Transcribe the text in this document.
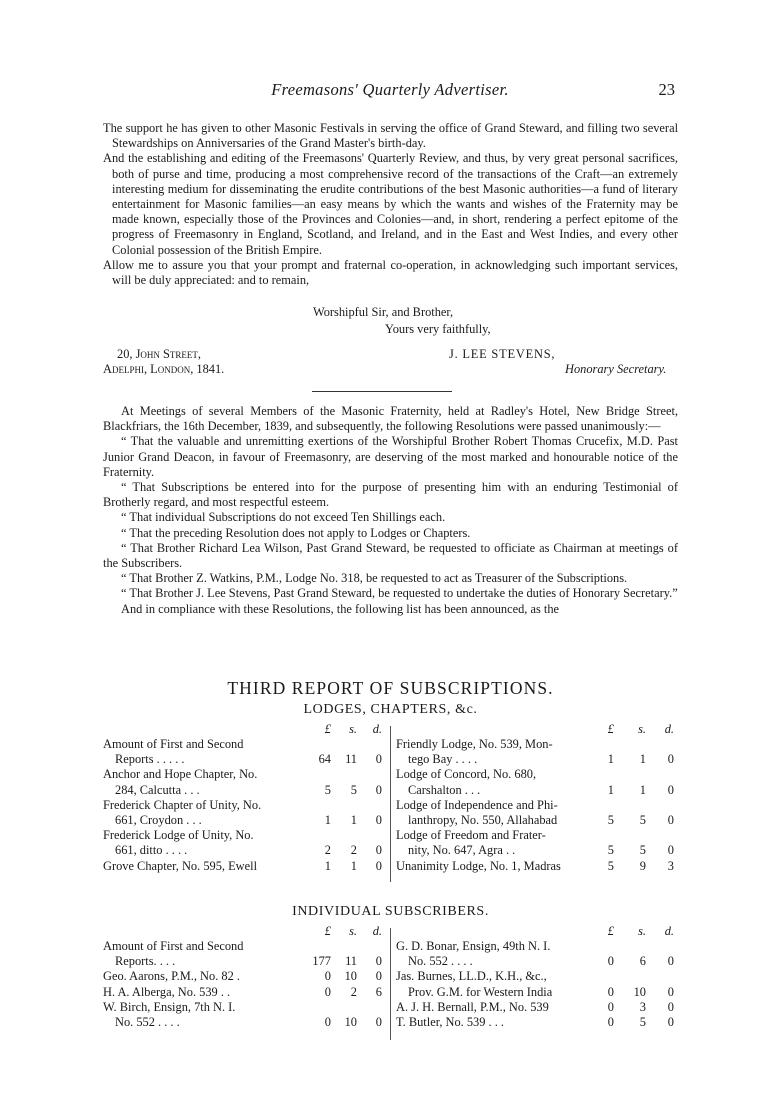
Freemasons' Quarterly Advertiser.	23

The support he has given to other Masonic Festivals in serving the office of Grand Steward, and filling two several Stewardships on Anniversaries of the Grand Master's birth-day.

And the establishing and editing of the Freemasons' Quarterly Review, and thus, by very great personal sacrifices, both of purse and time, producing a most comprehensive record of the transactions of the Craft—an extremely interesting medium for disseminating the erudite contributions of the best Masonic authorities—a fund of literary entertainment for Masonic families—an easy means by which the wants and wishes of the Fraternity may be made known, especially those of the Provinces and Colonies—and, in short, rendering a perfect epitome of the progress of Freemasonry in England, Scotland, and Ireland, and in the East and West Indies, and every other Colonial possession of the British Empire.

Allow me to assure you that your prompt and fraternal co-operation, in acknowledging such important services, will be duly appreciated: and to remain,

Worshipful Sir, and Brother,
Yours very faithfully,
20, John Street,
Adelphi, London, 1841.
J. LEE STEVENS,
Honorary Secretary.

At Meetings of several Members of the Masonic Fraternity, held at Radley's Hotel, New Bridge Street, Blackfriars, the 16th December, 1839, and subsequently, the following Resolutions were passed unanimously:—

“ That the valuable and unremitting exertions of the Worshipful Brother Robert Thomas Crucefix, M.D. Past Junior Grand Deacon, in favour of Freemasonry, are deserving of the most marked and honourable notice of the Fraternity.

“ That Subscriptions be entered into for the purpose of presenting him with an enduring Testimonial of Brotherly regard, and most respectful esteem.

“ That individual Subscriptions do not exceed Ten Shillings each.

“ That the preceding Resolution does not apply to Lodges or Chapters.

“ That Brother Richard Lea Wilson, Past Grand Steward, be requested to officiate as Chairman at meetings of the Subscribers.

“ That Brother Z. Watkins, P.M., Lodge No. 318, be requested to act as Treasurer of the Subscriptions.

“ That Brother J. Lee Stevens, Past Grand Steward, be requested to undertake the duties of Honorary Secretary.”

And in compliance with these Resolutions, the following list has been announced, as the

THIRD REPORT OF SUBSCRIPTIONS.
LODGES, CHAPTERS, &c.
£	s.	d.
Amount of First and Second
Reports . . . . .	64	11	0
Anchor and Hope Chapter, No.
284, Calcutta . . .	5	5	0
Frederick Chapter of Unity, No.
661, Croydon . . .	1	1	0
Frederick Lodge of Unity, No.
661, ditto . . . .	2	2	0
Grove Chapter, No. 595, Ewell	1	1	0
£	s.	d.
Friendly Lodge, No. 539, Mon-
tego Bay . . . .	1	1	0
Lodge of Concord, No. 680,
Carshalton . . .	1	1	0
Lodge of Independence and Phi-
lanthropy, No. 550, Allahabad	5	5	0
Lodge of Freedom and Frater-
nity, No. 647, Agra . .	5	5	0
Unanimity Lodge, No. 1, Madras	5	9	3
INDIVIDUAL SUBSCRIBERS.
£	s.	d.
Amount of First and Second
Reports. . . .	177	11	0
Geo. Aarons, P.M., No. 82 .	0	10	0
H. A. Alberga, No. 539 . .	0	2	6
W. Birch, Ensign, 7th N. I.
No. 552 . . . .	0	10	0
£	s.	d.
G. D. Bonar, Ensign, 49th N. I.
No. 552 . . . .	0	6	0
Jas. Burnes, LL.D., K.H., &c.,
Prov. G.M. for Western India	0	10	0
A. J. H. Bernall, P.M., No. 539	0	3	0
T. Butler, No. 539 . . .	0	5	0
